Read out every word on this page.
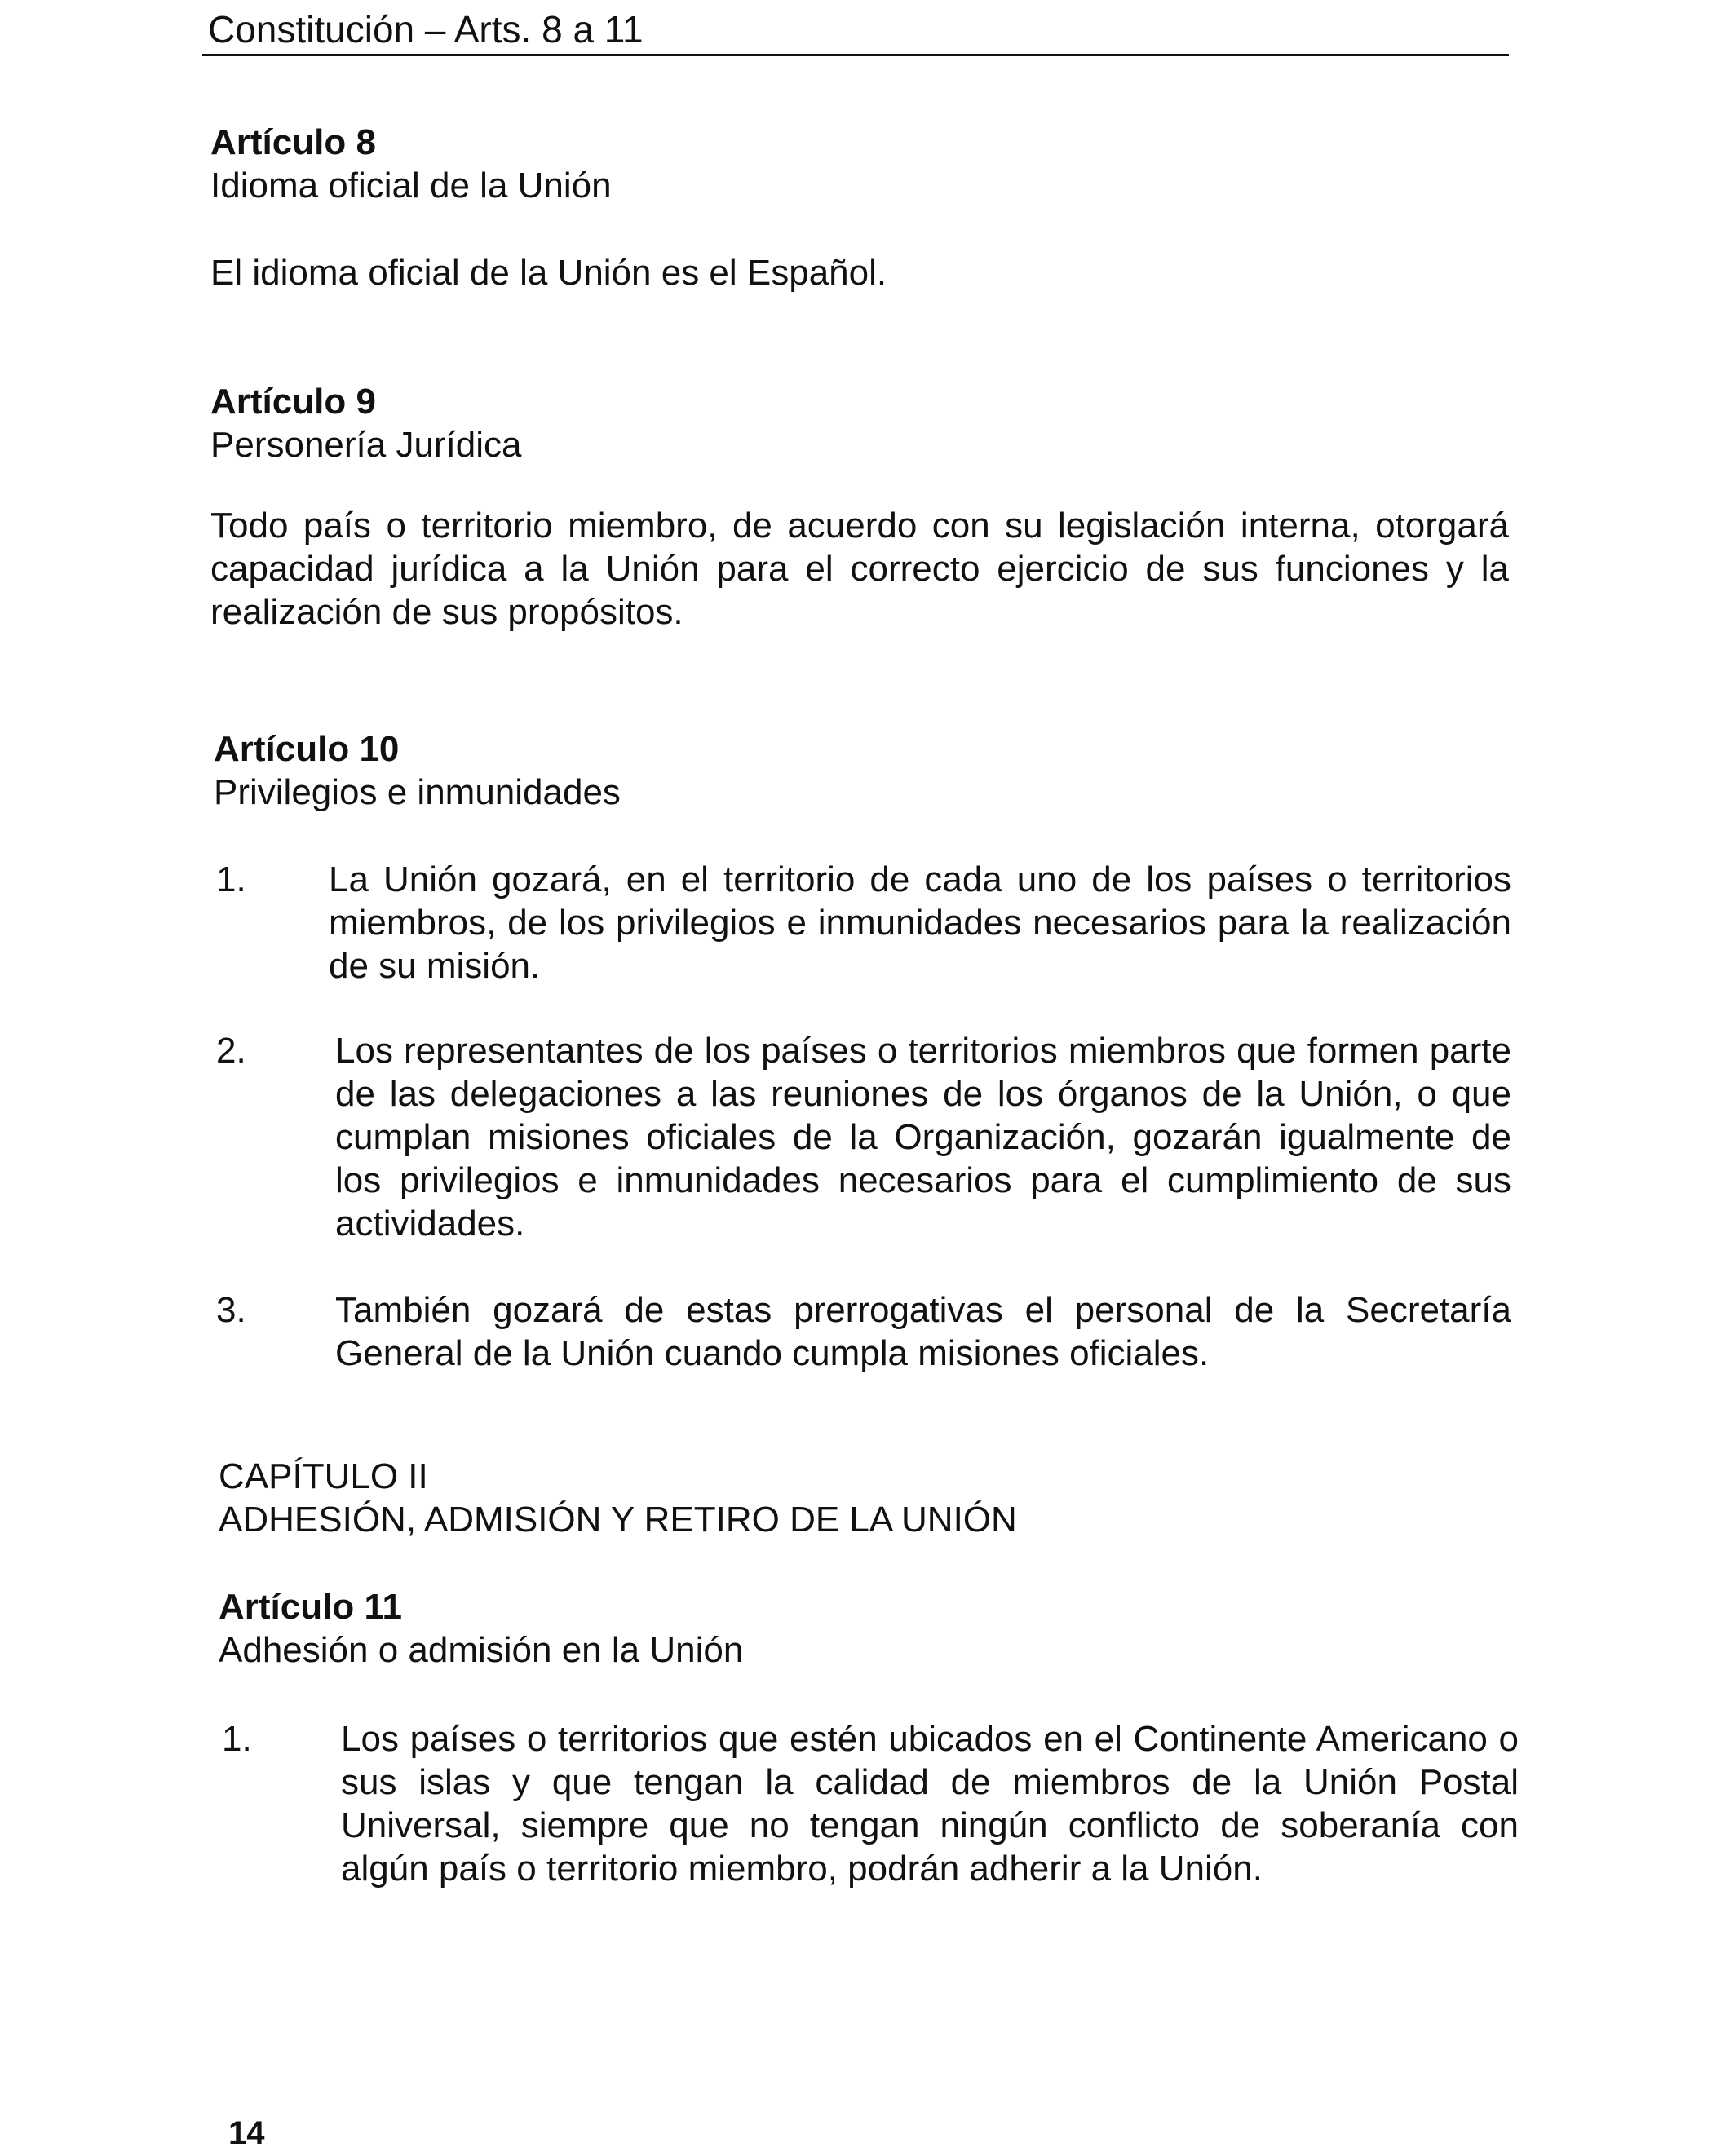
Constitución – Arts. 8 a 11
Artículo 8
Idioma oficial de la Unión
El idioma oficial de la Unión es el Español.
Artículo 9
Personería Jurídica
Todo país o territorio miembro, de acuerdo con su legislación interna, otorgará capacidad jurídica a la Unión para el correcto ejercicio de sus funciones y la realización de sus propósitos.
Artículo 10
Privilegios e inmunidades
1. La Unión gozará, en el territorio de cada uno de los países o territorios miembros, de los privilegios e inmunidades necesarios para la realización de su misión.
2. Los representantes de los países o territorios miembros que formen parte de las delegaciones a las reuniones de los órganos de la Unión, o que cumplan misiones oficiales de la Organización, gozarán igualmente de los privilegios e inmunidades necesarios para el cumplimiento de sus actividades.
3. También gozará de estas prerrogativas el personal de la Secretaría General de la Unión cuando cumpla misiones oficiales.
CAPÍTULO II
ADHESIÓN, ADMISIÓN Y RETIRO DE LA UNIÓN
Artículo 11
Adhesión o admisión en la Unión
1. Los países o territorios que estén ubicados en el Continente Americano o sus islas y que tengan la calidad de miembros de la Unión Postal Universal, siempre que no tengan ningún conflicto de soberanía con algún país o territorio miembro, podrán adherir a la Unión.
14
